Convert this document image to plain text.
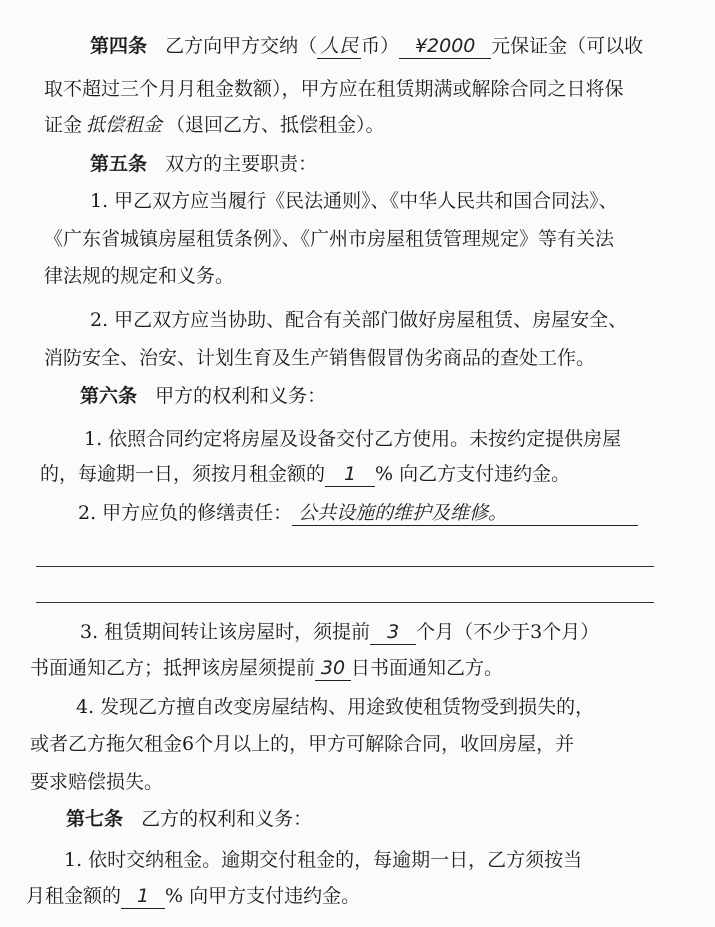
第四条 乙方向甲方交纳（ 人民 币） ¥2000 元保证金（可以收
取不超过三个月月租金数额），甲方应在租赁期满或解除合同之日将保
证金 抵偿租金 （退回乙方、抵偿租金）。
第五条 双方的主要职责：
1. 甲乙双方应当履行《民法通则》、《中华人民共和国合同法》、
《广东省城镇房屋租赁条例》、《广州市房屋租赁管理规定》等有关法
律法规的规定和义务。
2. 甲乙双方应当协助、配合有关部门做好房屋租赁、房屋安全、
消防安全、治安、计划生育及生产销售假冒伪劣商品的查处工作。
第六条 甲方的权利和义务：
1. 依照合同约定将房屋及设备交付乙方使用。未按约定提供房屋
的，每逾期一日，须按月租金额的 1 % 向乙方支付违约金。
2. 甲方应负的修缮责任： 公共设施的维护及维修。
3. 租赁期间转让该房屋时，须提前 3 个月（不少于3个月）
书面通知乙方；抵押该房屋须提前 30 日书面通知乙方。
4. 发现乙方擅自改变房屋结构、用途致使租赁物受到损失的，
或者乙方拖欠租金6个月以上的，甲方可解除合同，收回房屋，并
要求赔偿损失。
第七条 乙方的权利和义务：
1. 依时交纳租金。逾期交付租金的，每逾期一日，乙方须按当
月租金额的 1 % 向甲方支付违约金。
